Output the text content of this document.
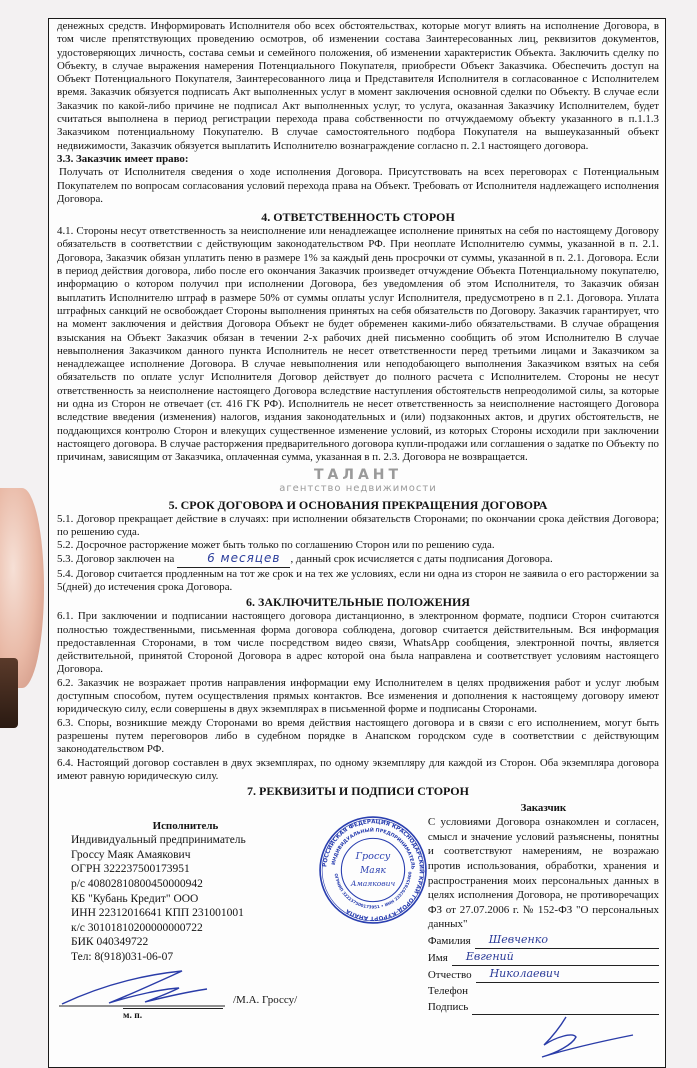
денежных средств. Информировать Исполнителя обо всех обстоятельствах, которые могут влиять на исполнение Договора, в том числе препятствующих проведению осмотров, об изменении состава Заинтересованных лиц, реквизитов документов, удостоверяющих личность, состава семьи и семейного положения, об изменении характеристик Объекта. Заключить сделку по Объекту, в случае выражения намерения Потенциального Покупателя, приобрести Объект Заказчика. Обеспечить доступ на Объект Потенциального Покупателя, Заинтересованного лица и Представителя Исполнителя в согласованное с Исполнителем время. Заказчик обязуется подписать Акт выполненных услуг в момент заключения основной сделки по Объекту. В случае если Заказчик по какой-либо причине не подписал Акт выполненных услуг, то услуга, оказанная Заказчику Исполнителем, будет считаться выполнена в период регистрации перехода права собственности по отчуждаемому объекту указанного в п.1.1.3 Заказчиком потенциальному Покупателю. В случае самостоятельного подбора Покупателя на вышеуказанный объект недвижимости, Заказчик обязуется выплатить Исполнителю вознаграждение согласно п. 2.1 настоящего договора.

3.3. Заказчик имеет право:

Получать от Исполнителя сведения о ходе исполнения Договора. Присутствовать на всех переговорах с Потенциальным Покупателем по вопросам согласования условий перехода права на Объект. Требовать от Исполнителя надлежащего исполнения Договора.

4. ОТВЕТСТВЕННОСТЬ СТОРОН

4.1. Стороны несут ответственность за неисполнение или ненадлежащее исполнение принятых на себя по настоящему Договору обязательств в соответствии с действующим законодательством РФ. При неоплате Исполнителю суммы, указанной в п. 2.1. Договора, Заказчик обязан уплатить пеню в размере 1% за каждый день просрочки от суммы, указанной в п. 2.1. Договора. Если в период действия договора, либо после его окончания Заказчик произведет отчуждение Объекта Потенциальному покупателю, информацию о котором получил при исполнении Договора, без уведомления об этом Исполнителя, то Заказчик обязан выплатить Исполнителю штраф в размере 50% от суммы оплаты услуг Исполнителя, предусмотрено в п 2.1. Договора. Уплата штрафных санкций не освобождает Стороны выполнения принятых на себя обязательств по Договору. Заказчик гарантирует, что на момент заключения и действия Договора Объект не будет обременен какими-либо обязательствами. В случае обращения взыскания на Объект Заказчик обязан в течении 2-х рабочих дней письменно сообщить об этом Исполнителю В случае невыполнения Заказчиком данного пункта Исполнитель не несет ответственности перед третьими лицами и Заказчиком за ненадлежащее исполнение Договора. В случае невыполнения или неподобающего выполнения Заказчиком взятых на себя обязательств по оплате услуг Исполнителя Договор действует до полного расчета с Исполнителем. Стороны не несут ответственность за неисполнение настоящего Договора вследствие наступления обстоятельств непреодолимой силы, за которые ни одна из Сторон не отвечает (ст. 416 ГК РФ). Исполнитель не несет ответственность за неисполнение настоящего Договора вследствие введения (изменения) налогов, издания законодательных и (или) подзаконных актов, и других обстоятельств, не поддающихся контролю Сторон и влекущих существенное изменение условий, из которых Стороны исходили при заключении настоящего договора. В случае расторжения предварительного договора купли-продажи или соглашения о задатке по Объекту по причинам, зависящим от Заказчика, оплаченная сумма, указанная в п. 2.3. Договора не возвращается.

ТАЛАНТ
агентство недвижимости

5. СРОК ДОГОВОРА И ОСНОВАНИЯ ПРЕКРАЩЕНИЯ ДОГОВОРА

5.1. Договор прекращает действие в случаях: при исполнении обязательств Сторонами; по окончании срока действия Договора; по решению суда.

5.2. Досрочное расторжение может быть только по соглашению Сторон или по решению суда.

5.3. Договор заключен на	6 месяцев , данный срок исчисляется с даты подписания Договора.

5.4. Договор считается продленным на тот же срок и на тех же условиях, если ни одна из сторон не заявила о его расторжении за 5(дней) до истечения срока Договора.

6. ЗАКЛЮЧИТЕЛЬНЫЕ ПОЛОЖЕНИЯ

6.1. При заключении и подписании настоящего договора дистанционно, в электронном формате, подписи Сторон считаются полностью тождественными, письменная форма договора соблюдена, договор считается действительным. Вся информация предоставленная Сторонами, в том числе посредством видео связи, WhatsApp сообщения, электронной почты, является действительной, принятой Стороной Договора в адрес которой она была направлена и соответствует условиям настоящего Договора.

6.2. Заказчик не возражает против направления информации ему Исполнителем в целях продвижения работ и услуг любым доступным способом, путем осуществления прямых контактов. Все изменения и дополнения к настоящему договору имеют юридическую силу, если совершены в двух экземплярах в письменной форме и подписаны Сторонами.

6.3. Споры, возникшие между Сторонами во время действия настоящего договора и в связи с его исполнением, могут быть разрешены путем переговоров либо в судебном порядке в Анапском городском суде в соответствии с действующим законодательством РФ.

6.4. Настоящий договор составлен в двух экземплярах, по одному экземпляру для каждой из Сторон. Оба экземпляра договора имеют равную юридическую силу.

7. РЕКВИЗИТЫ И ПОДПИСИ СТОРОН

Исполнитель
Индивидуальный предприниматель
Гроссу Маяк Амаякович
ОГРН 322237500173951
р/с 40802810800450000942
КБ "Кубань Кредит" ООО
ИНН 22312016641 КПП 231001001
к/с 30101810200000000722
БИК 040349722
Тел: 8(918)031-06-07
/М.А. Гроссу/
м. п.
РОССИЙСКАЯ ФЕДЕРАЦИЯ КРАСНОДАРСКИЙ КРАЙ ГОРОД-КУРОРТ АНАПА
ИНДИВИДУАЛЬНЫЙ ПРЕДПРИНИМАТЕЛЬ
ОГРНИП 322237500173951 • ИНН 233707815400
Гроссу
Маяк
Амаякович
Заказчик
С условиями Договора ознакомлен и согласен, смысл и значение условий разъяснены, понятны и соответствуют намерениям, не возражаю против использования, обработки, хранения и распространения моих персональных данных в целях исполнения Договора, не противоречащих ФЗ от 27.07.2006 г. № 152-ФЗ "О персональных данных"
Фамилия	Шевченко
Имя	Евгений
Отчество	Николаевич
Телефон
Подпись
